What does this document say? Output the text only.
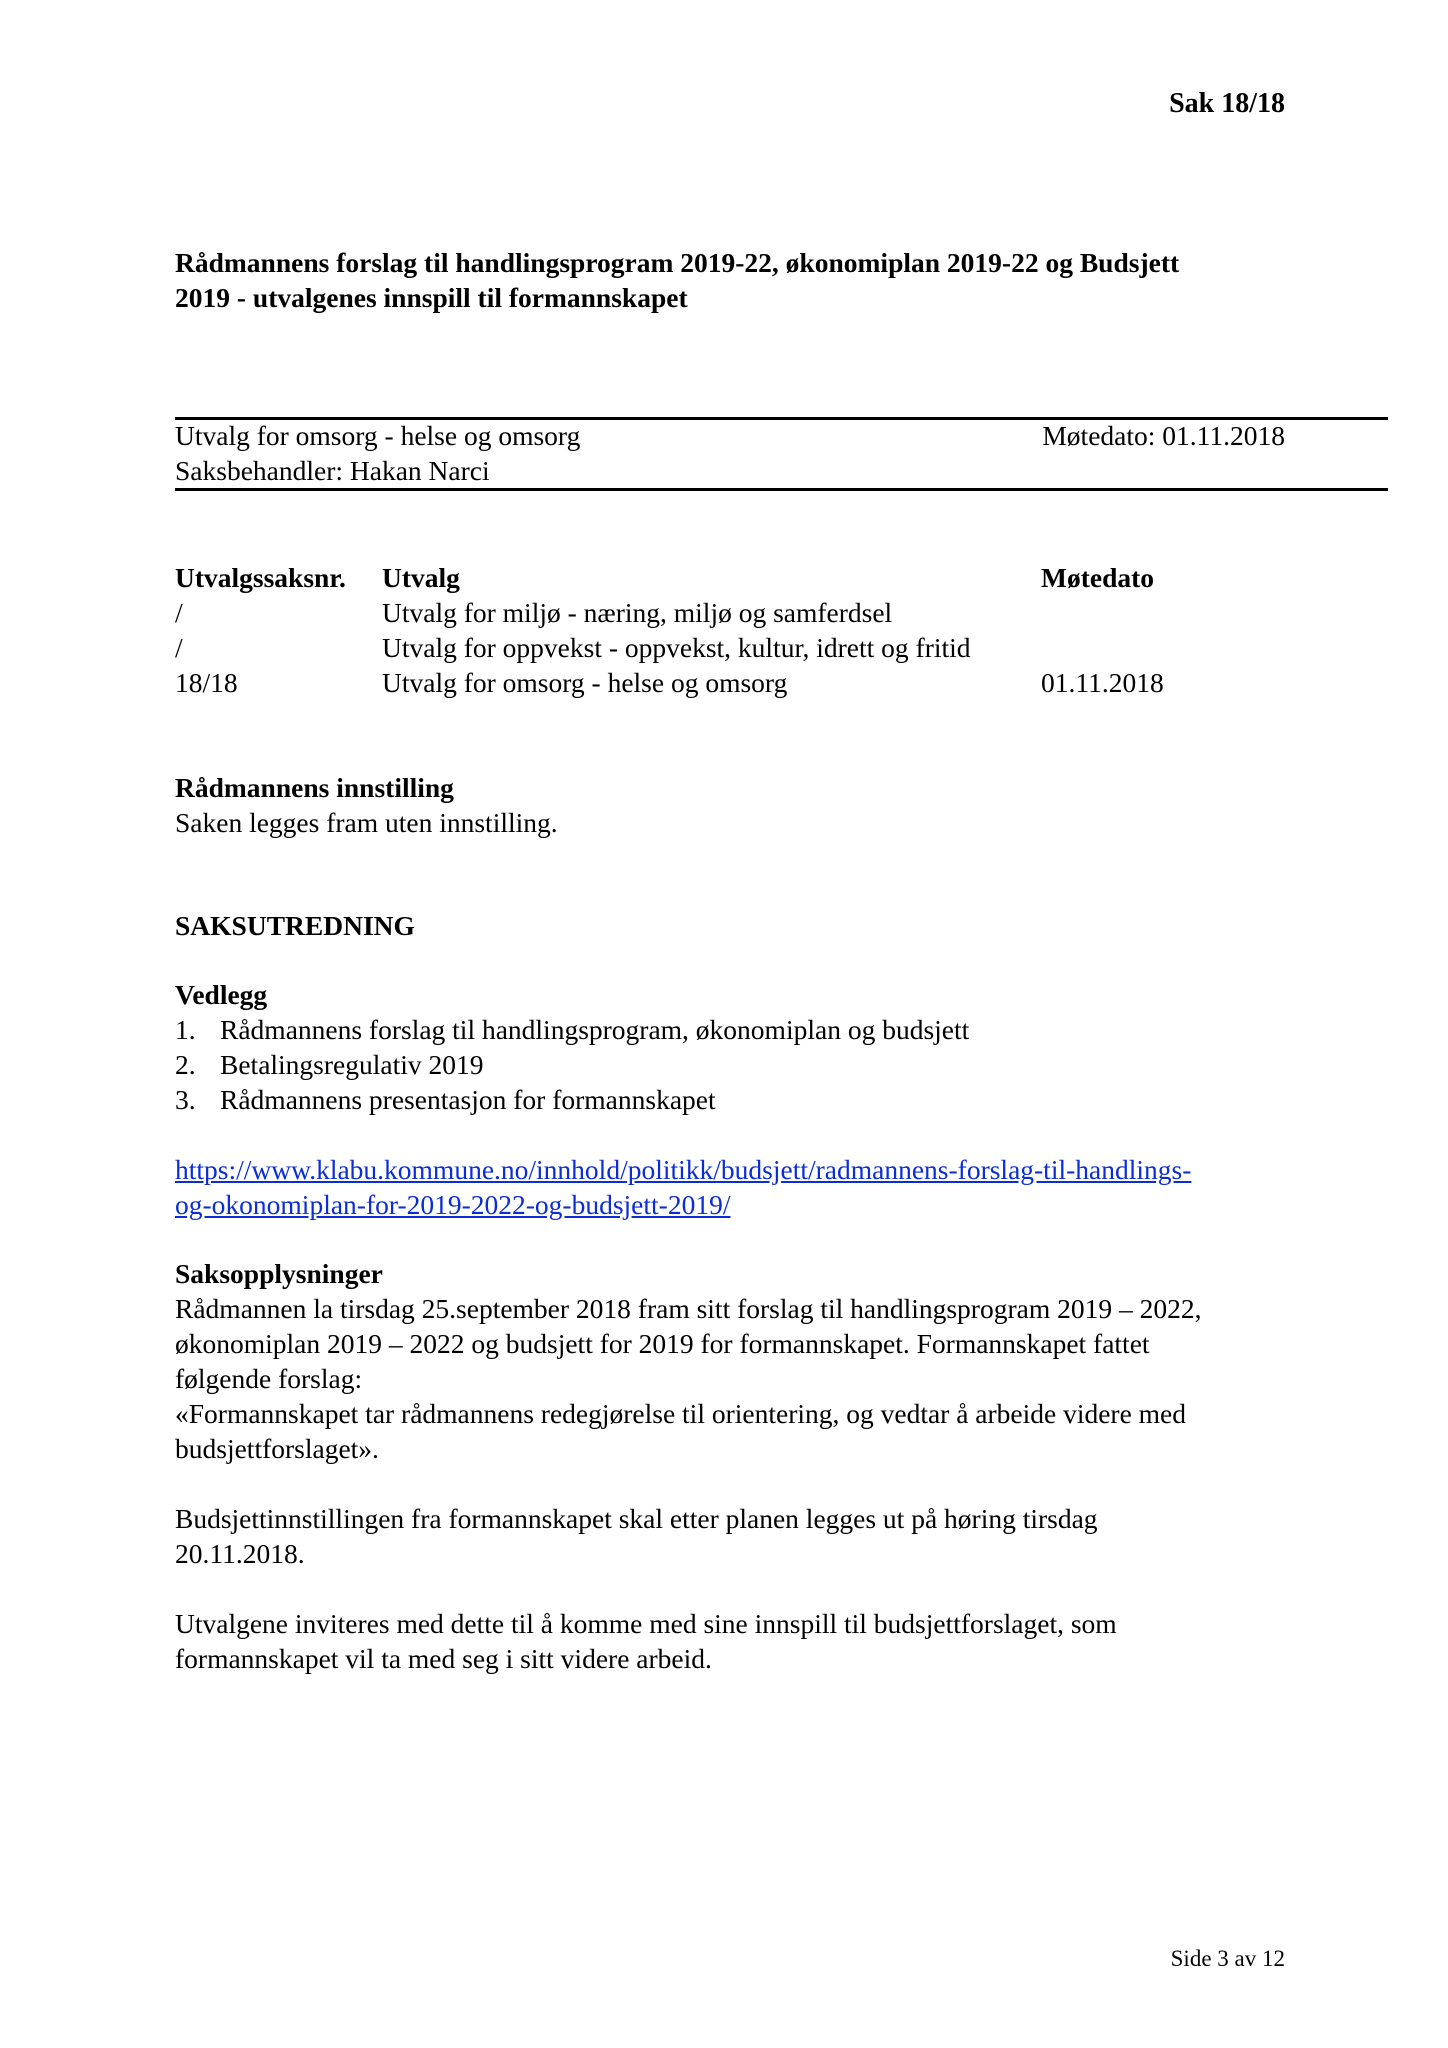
Sak 18/18
Rådmannens forslag til handlingsprogram 2019-22, økonomiplan 2019-22 og Budsjett
2019 - utvalgenes innspill til formannskapet
Utvalg for omsorg - helse og omsorg
Saksbehandler: Hakan Narci
Møtedato: 01.11.2018
Utvalgssaksnr. Utvalg	Møtedato
/	Utvalg for miljø - næring, miljø og samferdsel
/	Utvalg for oppvekst - oppvekst, kultur, idrett og fritid
18/18	Utvalg for omsorg - helse og omsorg	01.11.2018

Rådmannens innstilling

Saken legges fram uten innstilling.

SAKSUTREDNING

Vedlegg

1. Rådmannens forslag til handlingsprogram, økonomiplan og budsjett
2. Betalingsregulativ 2019
3. Rådmannens presentasjon for formannskapet
https://www.klabu.kommune.no/innhold/politikk/budsjett/radmannens-forslag-til-handlings-
og-okonomiplan-for-2019-2022-og-budsjett-2019/

Saksopplysninger

Rådmannen la tirsdag 25.september 2018 fram sitt forslag til handlingsprogram 2019 – 2022,

økonomiplan 2019 – 2022 og budsjett for 2019 for formannskapet. Formannskapet fattet

følgende forslag:

«Formannskapet tar rådmannens redegjørelse til orientering, og vedtar å arbeide videre med

budsjettforslaget».

Budsjettinnstillingen fra formannskapet skal etter planen legges ut på høring tirsdag

20.11.2018.

Utvalgene inviteres med dette til å komme med sine innspill til budsjettforslaget, som

formannskapet vil ta med seg i sitt videre arbeid.

Side 3 av 12
